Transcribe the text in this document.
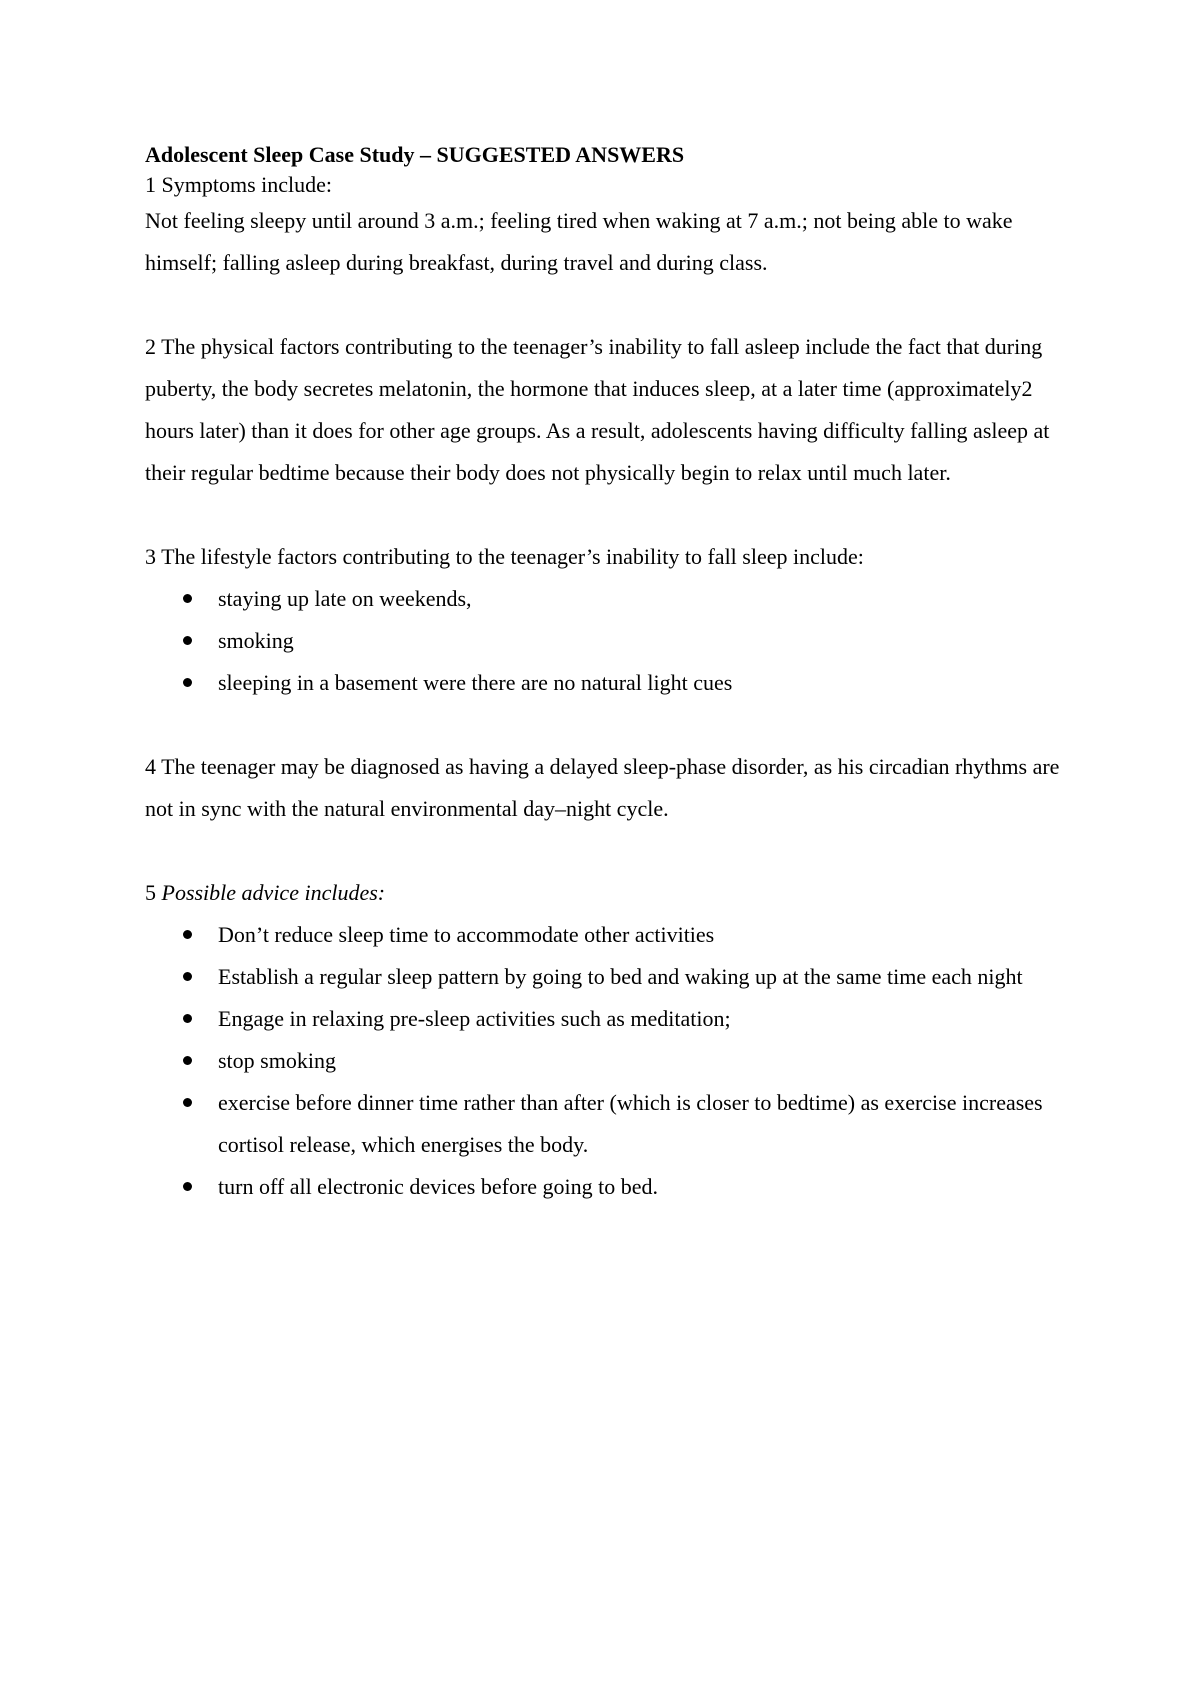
Adolescent Sleep Case Study – SUGGESTED ANSWERS

1 Symptoms include:

Not feeling sleepy until around 3 a.m.; feeling tired when waking at 7 a.m.; not being able to wake himself; falling asleep during breakfast, during travel and during class.

2 The physical factors contributing to the teenager’s inability to fall asleep include the fact that during puberty, the body secretes melatonin, the hormone that induces sleep, at a later time (approximately2 hours later) than it does for other age groups. As a result, adolescents having difficulty falling asleep at their regular bedtime because their body does not physically begin to relax until much later.

3 The lifestyle factors contributing to the teenager’s inability to fall sleep include:

staying up late on weekends,
smoking
sleeping in a basement were there are no natural light cues

4 The teenager may be diagnosed as having a delayed sleep-phase disorder, as his circadian rhythms are not in sync with the natural environmental day–night cycle.

5 Possible advice includes:

Don’t reduce sleep time to accommodate other activities
Establish a regular sleep pattern by going to bed and waking up at the same time each night
Engage in relaxing pre-sleep activities such as meditation;
stop smoking
exercise before dinner time rather than after (which is closer to bedtime) as exercise increases cortisol release, which energises the body.
turn off all electronic devices before going to bed.
